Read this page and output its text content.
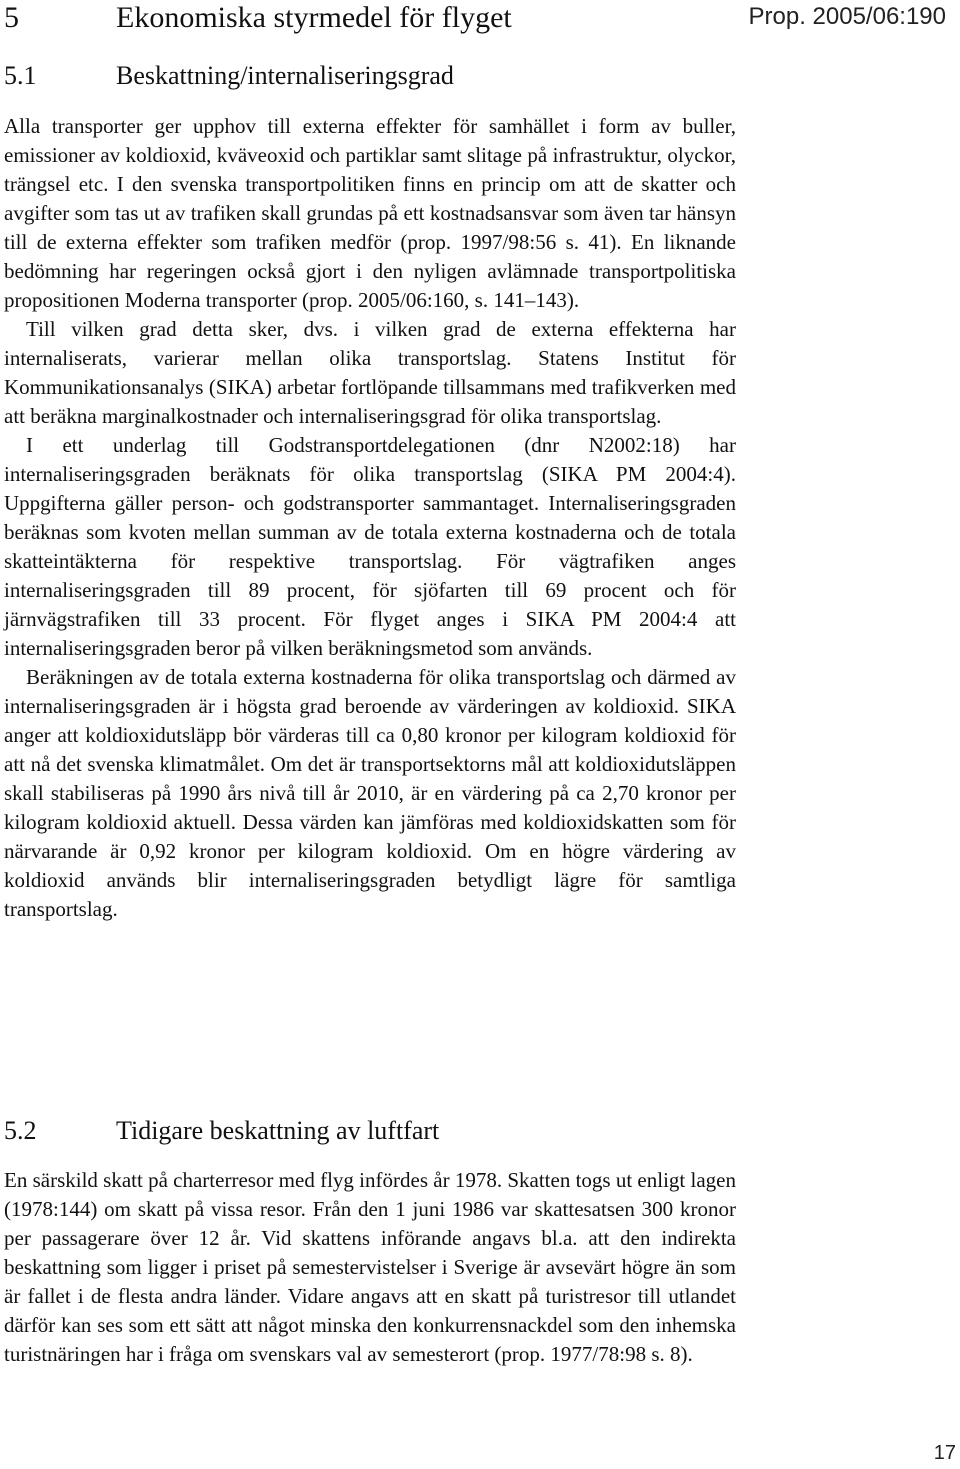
Prop. 2005/06:190
5	Ekonomiska styrmedel för flyget
5.1	Beskattning/internaliseringsgrad

Alla transporter ger upphov till externa effekter för samhället i form av buller, emissioner av koldioxid, kväveoxid och partiklar samt slitage på infrastruktur, olyckor, trängsel etc. I den svenska transportpolitiken finns en princip om att de skatter och avgifter som tas ut av trafiken skall grundas på ett kostnadsansvar som även tar hänsyn till de externa effekter som trafiken medför (prop. 1997/98:56 s. 41). En liknande bedömning har regeringen också gjort i den nyligen avlämnade transportpolitiska propositionen Moderna transporter (prop. 2005/06:160, s. 141–143).

Till vilken grad detta sker, dvs. i vilken grad de externa effekterna har internaliserats, varierar mellan olika transportslag. Statens Institut för Kommunikationsanalys (SIKA) arbetar fortlöpande tillsammans med trafikverken med att beräkna marginalkostnader och internaliseringsgrad för olika transportslag.

I ett underlag till Godstransportdelegationen (dnr N2002:18) har internaliseringsgraden beräknats för olika transportslag (SIKA PM 2004:4). Uppgifterna gäller person- och godstransporter sammantaget. Internaliseringsgraden beräknas som kvoten mellan summan av de totala externa kostnaderna och de totala skatteintäkterna för respektive transportslag. För vägtrafiken anges internaliseringsgraden till 89 procent, för sjöfarten till 69 procent och för järnvägstrafiken till 33 procent. För flyget anges i SIKA PM 2004:4 att internaliseringsgraden beror på vilken beräkningsmetod som används.

Beräkningen av de totala externa kostnaderna för olika transportslag och därmed av internaliseringsgraden är i högsta grad beroende av värderingen av koldioxid. SIKA anger att koldioxidutsläpp bör värderas till ca 0,80 kronor per kilogram koldioxid för att nå det svenska klimatmålet. Om det är transportsektorns mål att koldioxidutsläppen skall stabiliseras på 1990 års nivå till år 2010, är en värdering på ca 2,70 kronor per kilogram koldioxid aktuell. Dessa värden kan jämföras med koldioxidskatten som för närvarande är 0,92 kronor per kilogram koldioxid. Om en högre värdering av koldioxid används blir internaliseringsgraden betydligt lägre för samtliga transportslag.

5.2	Tidigare beskattning av luftfart

En särskild skatt på charterresor med flyg infördes år 1978. Skatten togs ut enligt lagen (1978:144) om skatt på vissa resor. Från den 1 juni 1986 var skattesatsen 300 kronor per passagerare över 12 år. Vid skattens införande angavs bl.a. att den indirekta beskattning som ligger i priset på semestervistelser i Sverige är avsevärt högre än som är fallet i de flesta andra länder. Vidare angavs att en skatt på turistresor till utlandet därför kan ses som ett sätt att något minska den konkurrensnackdel som den inhemska turistnäringen har i fråga om svenskars val av semesterort (prop. 1977/78:98 s. 8).

17
